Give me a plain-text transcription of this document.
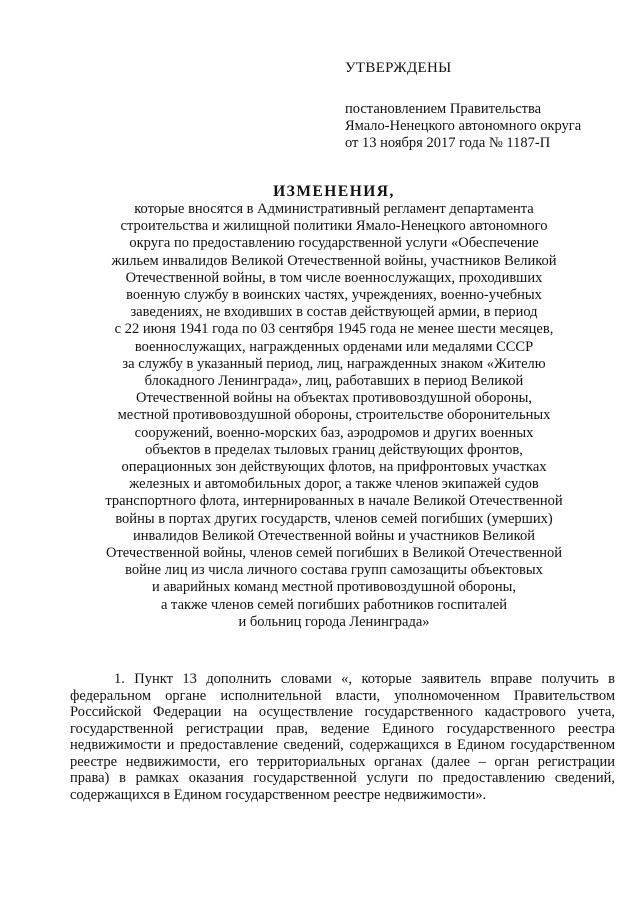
УТВЕРЖДЕНЫ
постановлением Правительства
Ямало-Ненецкого автономного округа
от 13 ноября 2017 года № 1187-П
ИЗМЕНЕНИЯ,
которые вносятся в Административный регламент департамента
строительства и жилищной политики Ямало-Ненецкого автономного
округа по предоставлению государственной услуги «Обеспечение
жильем инвалидов Великой Отечественной войны, участников Великой
Отечественной войны, в том числе военнослужащих, проходивших
военную службу в воинских частях, учреждениях, военно-учебных
заведениях, не входивших в состав действующей армии, в период
с 22 июня 1941 года по 03 сентября 1945 года не менее шести месяцев,
военнослужащих, награжденных орденами или медалями СССР
за службу в указанный период, лиц, награжденных знаком «Жителю
блокадного Ленинграда», лиц, работавших в период Великой
Отечественной войны на объектах противовоздушной обороны,
местной противовоздушной обороны, строительстве оборонительных
сооружений, военно-морских баз, аэродромов и других военных
объектов в пределах тыловых границ действующих фронтов,
операционных зон действующих флотов, на прифронтовых участках
железных и автомобильных дорог, а также членов экипажей судов
транспортного флота, интернированных в начале Великой Отечественной
войны в портах других государств, членов семей погибших (умерших)
инвалидов Великой Отечественной войны и участников Великой
Отечественной войны, членов семей погибших в Великой Отечественной
войне лиц из числа личного состава групп самозащиты объектовых
и аварийных команд местной противовоздушной обороны,
а также членов семей погибших работников госпиталей
и больниц города Ленинграда»

1. Пункт 13 дополнить словами «, которые заявитель вправе получить в федеральном органе исполнительной власти, уполномоченном Правительством Российской Федерации на осуществление государственного кадастрового учета, государственной регистрации прав, ведение Единого государственного реестра недвижимости и предоставление сведений, содержащихся в Едином государственном реестре недвижимости, его территориальных органах (далее – орган регистрации права) в рамках оказания государственной услуги по предоставлению сведений, содержащихся в Едином государственном реестре недвижимости».
